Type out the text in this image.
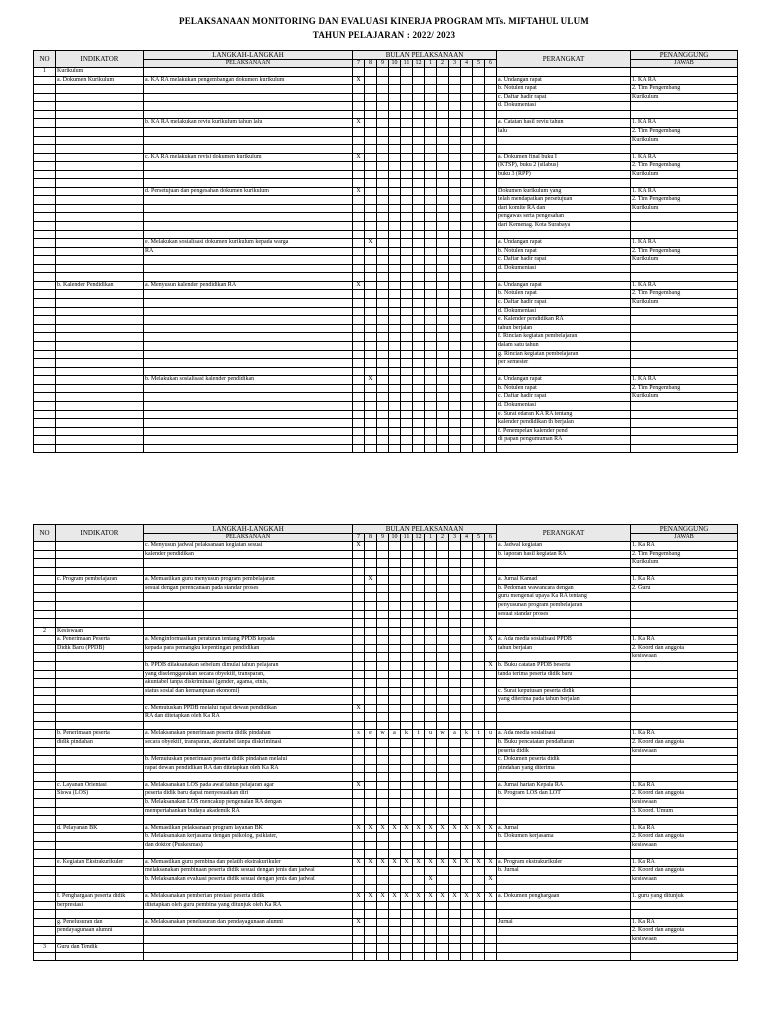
PELAKSANAAN MONITORING DAN EVALUASI KINERJA PROGRAM MTs. MIFTAHUL ULUM
TAHUN PELAJARAN : 2022/ 2023
NO	INDIKATOR	LANGKAH-LANGKAH	BULAN PELAKSANAAN												PERANGKAT	PENANGGUNG
		PELAKSANAAN	7	8	9	10	11	12	1	2	3	4	5	6		JAWAB
1	Kurikulum															
	a. Dokumen Kurikulum	a. KA RA melakukan pengembangan dokumen kurikulum	X												a. Undangan rapat	1. KA RA
															b. Notulen rapat	2. Tim Pengembang
															c. Daftar hadir rapat	Kurikulum
															d. Dokumentasi	

		b. KA RA melakukan reviu kurikulum tahun lalu	X												a. Catatan hasil reviu tahun	1. KA RA
															lalu	2. Tim Pengembang
																Kurikulum

		c. KA RA melakukan revisi dokumen kurikulum	X												a. Dokumen final buku I	1. KA RA
															(KTSP), buku 2 (silabus)	2. Tim Pengembang
															buku 3 (RPP)	Kurikulum

		d. Persetujuan dan pengesahan dokumen kurikulum	X												Dokumen kurikulum yang	1. KA RA
															telah mendapatkan persetujuan	2. Tim Pengembang
															dari komite RA dan	Kurikulum
															pengawas serta pengesahan	
															dari Kemenag. Kota Surabaya	

		e. Melakukan sosialisasi dokumen kurikulum kepada warga		X											a. Undangan rapat	1. KA RA
		RA													b. Notulen rapat	2. Tim Pengembang
															c. Daftar hadir rapat	Kurikulum
															d. Dokumentasi	

	b. Kalender Pendidikan	a. Menyusun kalender pendidikan RA	X												a. Undangan rapat	1. KA RA
															b. Notulen rapat	2. Tim Pengembang
															c. Daftar hadir rapat	Kurikulum
															d. Dokumentasi	
															e. Kalender pendidikan RA	
															tahun berjalan	
															f. Rincian kegiatan pembelajaran	
															dalam satu tahun	
															g. Rincian kegiatan pembelajaran	
															per semester	

		b. Melakukan sosialisasi kalender pendidikan		X											a. Undangan rapat	1. KA RA
															b. Notulen rapat	2. Tim Pengembang
															c. Daftar hadir rapat	Kurikulum
															d. Dokumentasi	
															e. Surat edaran KA RA tentang	
															kalender pendidikan th berjalan	
															f. Penempelan kalender pend	
															di papan pengumuman RA	

NO	INDIKATOR	LANGKAH-LANGKAH	BULAN PELAKSANAAN												PERANGKAT	PENANGGUNG
		PELAKSANAAN	7	8	9	10	11	12	1	2	3	4	5	6		JAWAB
		c. Menyusun jadwal pelaksanaan kegiatan sesuai	X												a. Jadwal kegiatan	1. Ka RA
		kalender pendidikan													b. laporan hasil kegiatan RA	2. Tim Pengembang
																Kurikulum

	c. Program pembelajaran	a. Memastikan guru menyusun program pembelajaran		X											a. Jurnal Kamad	1. Ka RA
		sesuai dengan perencanaan pada standar proses													b. Pedoman wawancara dengan	2. Guru
															guru mengenai upaya Ka RA tentang	
															penyusunan program pembelajaran	
															sesuai standar proses	

2	Kesiswaan															
	a. Penerimaan Peserta	a. Menginformasikan peraturan tentang PPDB kepada												X	a. Ada media sosialisasi PPDB	1. Ka RA
	Didik Baru (PPDB)	kepada para pemangku kepentingan pendidikan													tahun berjalan	2. Koord dan anggota
																kesiswaan
		b. PPDB dilaksanakan sebelum dimulai tahun pelajaran												X	b. Buku catatan PPDB beserta	
		yang diselenggarakan secara obyektif, transparan,													tanda terima peserta didik baru	
		akuntabel tanpa diskriminasi (gender, agama, etnis,														
		status sosial dan kemampuan ekonomi)													c. Surat keputusan peserta didik	
															yang diterima pada tahun berjalan	
		c. Memutuskan PPDB melalui rapat dewan pendidikan	X													
		RA dan ditetapkan oleh Ka RA														

	b. Penerimaan peserta	a. Melaksanakan penerimaan peserta didik pindahan	s	e	w	a	k	t	u	w	a	k	t	u	a. Ada media sosialisasi	1. Ka RA
	didik pindahan	secara obyektif, transparan, akuntabel tanpa diskriminasi													b. Buku pencatatan pendaftaran	2. Koord dan anggota
															peserta didik	kesiswaan
		b. Memutuskan penerimaan peserta didik pindahan melalui													c. Dokumen peserta didik	
		rapat dewan pendidikan RA dan ditetapkan oleh Ka RA													pindahan yang diterima	

	c. Layanan Orientasi	a. Melaksanakan LOS pada awal tahun pelajaran agar	X												a. Jurnal harian Kepala RA	1. Ka RA
	Siswa (LOS)	peserta didik baru dapat menyesuaikan diri													b. Program LOS dan LOT	2. Koord dan anggota
		b. Melaksanakan LOS mencakup pengenalan RA dengan														kesiswaan
		mempertahankan budaya akademik RA														3. Koord. Umum

	d. Pelayanan BK	a. Memastikan pelaksanaan program layanan BK	X	X	X	X	X	X	X	X	X	X	X	X	a. Jurnal	1. Ka RA
		b. Melaksanakan kerjasama dengan psikolog, psikiater,													b. Dokumen kerjasama	2. Koord dan anggota
		dan doktor (Puskesmas)														kesiswaan

	e. Kegiatan Ekstrakurikuler	a. Memastikan guru pembina dan pelatih ekstrakurikuler	X	X	X	X	X	X	X	X	X	X	X	X	a. Program ekstrakurikuler	1. Ka RA
		melaksanakan pembinaan peserta didik sesuai dengan jenis dan jadwal													b. Jurnal	2. Koord dan anggota
		b. Melaksanakan evaluasi peserta didik sesuai dengan jenis dan jadwal							X					X		kesiswaan

	f. Penghargaan peserta didik	a. Melaksanakan pemberian prestasi peserta didik	X	X	X	X	X	X	X	X	X	X	X	X	a. Dokumen penghargaan	1. guru yang ditunjuk
	berprestasi	ditetapkan oleh guru pembina yang ditunjuk oleh Ka RA														

	g. Penelusuran dan	a. Melaksanakan penelusuran dan pendayagunaan alumni	X												Jurnal	1. Ka RA
	pendayagunaan alumni															2. Koord dan anggota
																kesiswaan
3	Guru dan Tendik															
